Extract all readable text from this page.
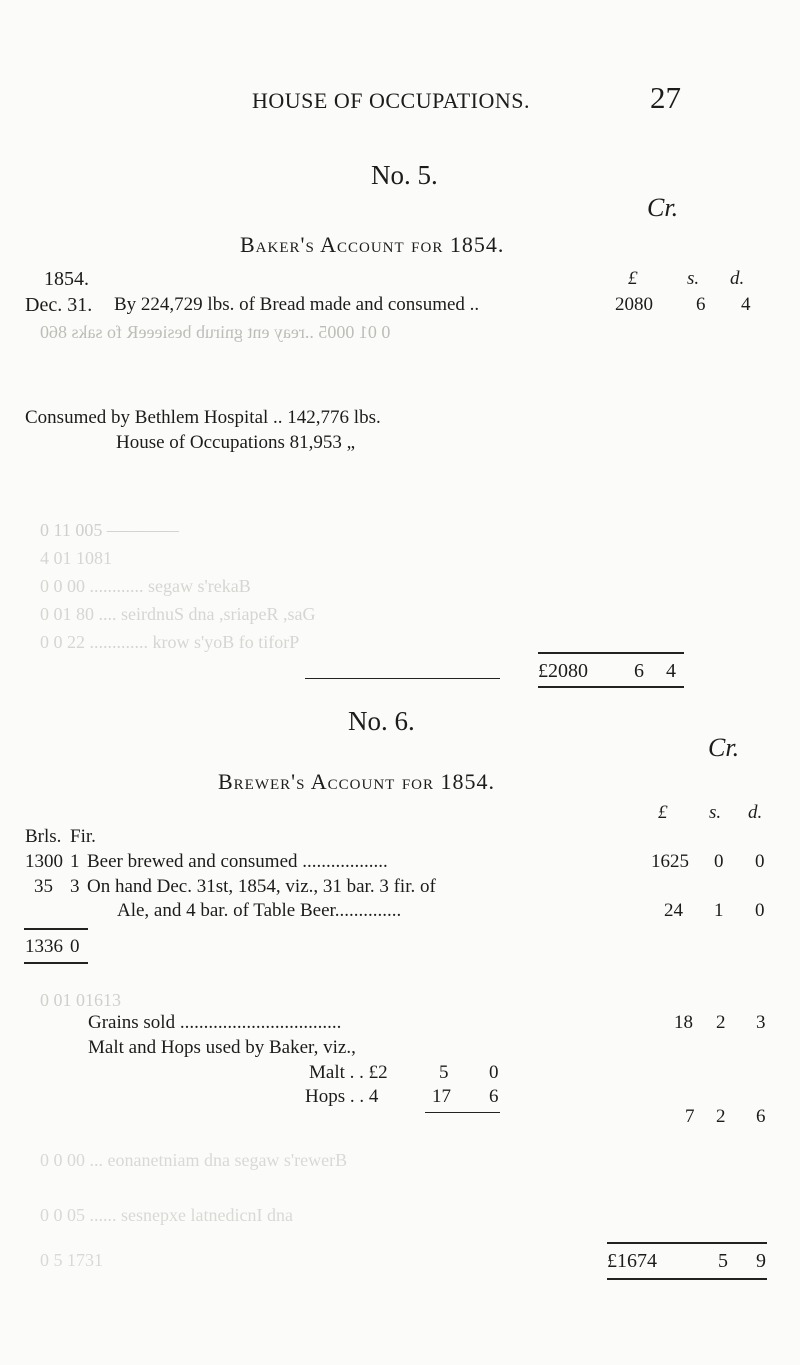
HOUSE OF OCCUPATIONS.	27
No. 5.
Cr.
Baker's Account for 1854.
1854.	£	s. d.
Dec. 31. By 224,729 lbs. of Bread made and consumed ..	2080 6 4
0 01 0005 ..reay ent gnirub besieeeR fo saks 860
Consumed by Bethlem Hospital .. 142,776 lbs.
House of Occupations 81,953 „
0 11 005 ————
4 01 1081
0 0 00 ............ segaw s'rekaB
0 01 80 .... seirdnuS dna ,sriapeR ,saG
0 0 22 ............. krow s'yoB fo tiforP
£2080 6 4
No. 6.
Cr.
Brewer's Account for 1854.
£ s. d.
Brls. Fir.
1300 1 Beer brewed and consumed ..................	1625 0 0
35 3 On hand Dec. 31st, 1854, viz., 31 bar. 3 fir. of
Ale, and 4 bar. of Table Beer..............	24 1 0
1336 0
0 01 01613
Grains sold ..................................	18 2 3
Malt and Hops used by Baker, viz.,
Malt . . £2	5 0
Hops . . 4	17 6
7 2 6
0 0 00 ... eonanetniam dna segaw s'rewerB
0 0 05 ...... sesnepxe latnedicnI dna
0 5 1731	£1674	5 9
